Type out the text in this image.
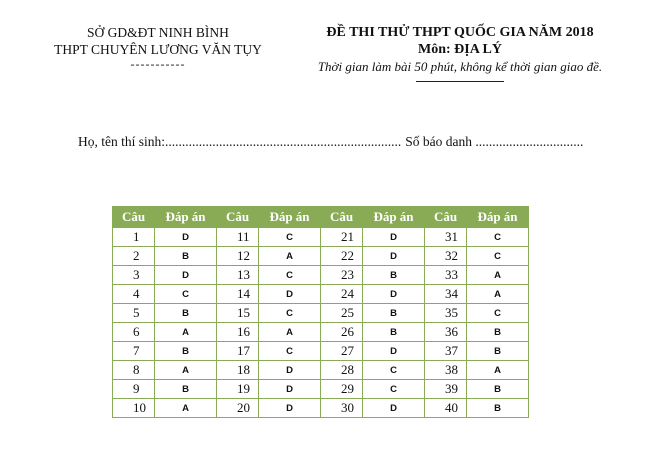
SỞ GD&ĐT NINH BÌNH
THPT CHUYÊN LƯƠNG VĂN TỤY
-----------
ĐỀ THI THỬ THPT QUỐC GIA NĂM 2018
Môn: ĐỊA LÝ
Thời gian làm bài 50 phút, không kể thời gian giao đề.
Họ, tên thí sinh:...................................................................... Số báo danh ................................
Câu	Đáp án	Câu	Đáp án	Câu	Đáp án	Câu	Đáp án
1	D	11	C	21	D	31	C
2	B	12	A	22	D	32	C
3	D	13	C	23	B	33	A
4	C	14	D	24	D	34	A
5	B	15	C	25	B	35	C
6	A	16	A	26	B	36	B
7	B	17	C	27	D	37	B
8	A	18	D	28	C	38	A
9	B	19	D	29	C	39	B
10	A	20	D	30	D	40	B
